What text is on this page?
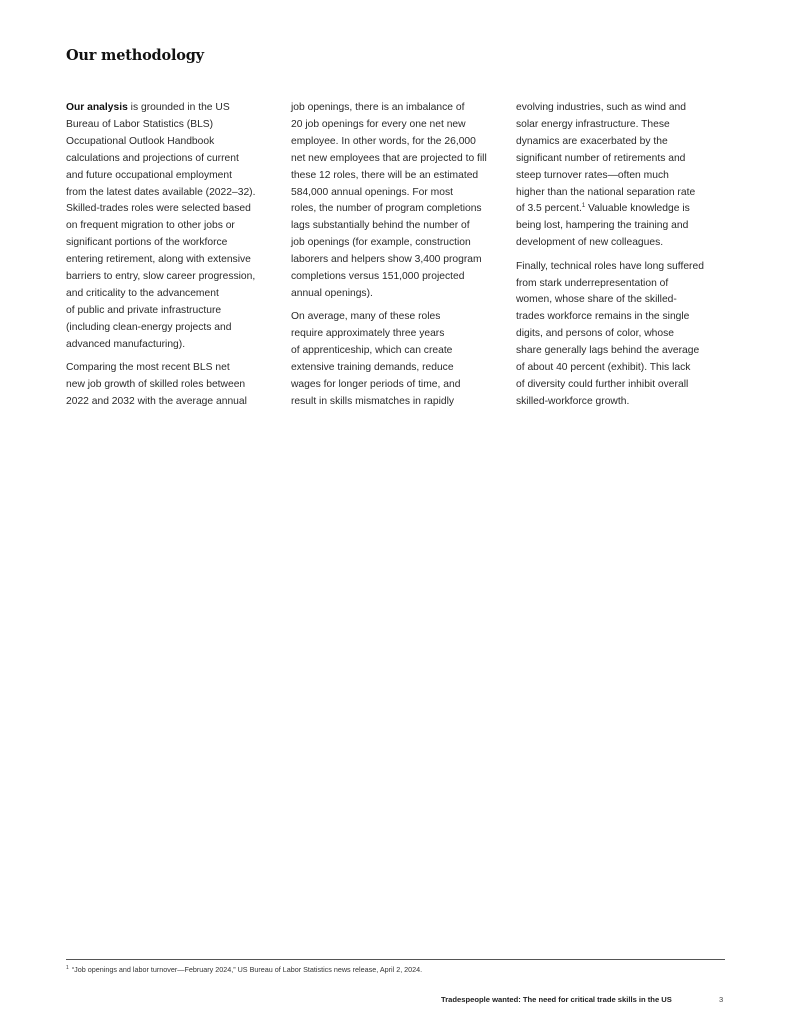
Our methodology

Our analysis is grounded in the US
Bureau of Labor Statistics (BLS)
Occupational Outlook Handbook
calculations and projections of current
and future occupational employment
from the latest dates available (2022–32).
Skilled-trades roles were selected based
on frequent migration to other jobs or
significant portions of the workforce
entering retirement, along with extensive
barriers to entry, slow career progression,
and criticality to the advancement
of public and private infrastructure
(including clean-energy projects and
advanced manufacturing).

Comparing the most recent BLS net
new job growth of skilled roles between
2022 and 2032 with the average annual

job openings, there is an imbalance of
20 job openings for every one net new
employee. In other words, for the 26,000
net new employees that are projected to fill
these 12 roles, there will be an estimated
584,000 annual openings. For most
roles, the number of program completions
lags substantially behind the number of
job openings (for example, construction
laborers and helpers show 3,400 program
completions versus 151,000 projected
annual openings).

On average, many of these roles
require approximately three years
of apprenticeship, which can create
extensive training demands, reduce
wages for longer periods of time, and
result in skills mismatches in rapidly

evolving industries, such as wind and
solar energy infrastructure. These
dynamics are exacerbated by the
significant number of retirements and
steep turnover rates—often much
higher than the national separation rate
of 3.5 percent.$^1$ Valuable knowledge is
being lost, hampering the training and
development of new colleagues.

Finally, technical roles have long suffered
from stark underrepresentation of
women, whose share of the skilled-
trades workforce remains in the single
digits, and persons of color, whose
share generally lags behind the average
of about 40 percent (exhibit). This lack
of diversity could further inhibit overall
skilled-workforce growth.

$^1$ “Job openings and labor turnover—February 2024,” US Bureau of Labor Statistics news release, April 2, 2024.
Tradespeople wanted: The need for critical trade skills in the US	3
